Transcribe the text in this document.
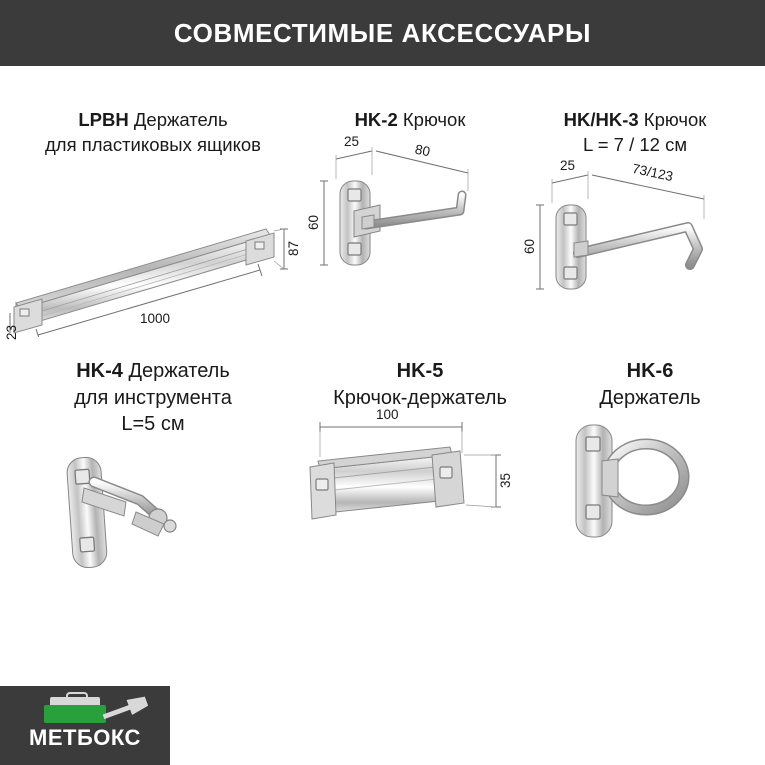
СОВМЕСТИМЫЕ АКСЕССУАРЫ
LPBH Держатель
для пластиковых ящиков
87
1000
23
HK-2 Крючок
25
80
60
HK/HK-3 Крючок
L = 7 / 12 см
25	73/123
60
HK-4 Держатель
для инструмента
L=5 см
HK-5
Крючок-держатель
100
35
HK-6
Держатель
МЕТБОКС
